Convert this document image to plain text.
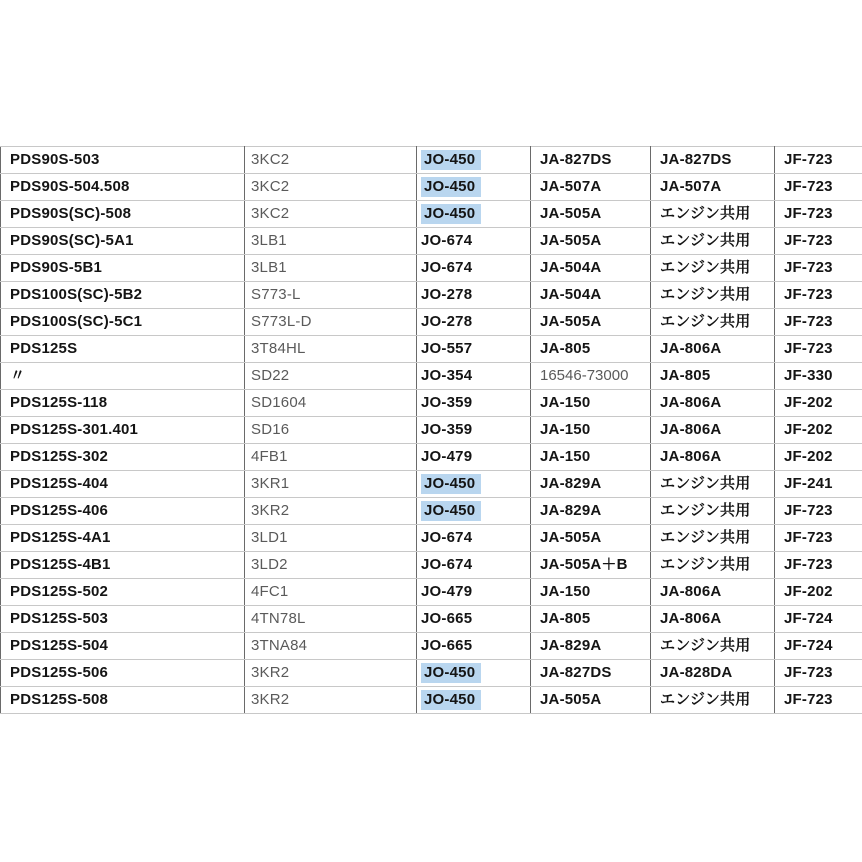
PDS90S-503	3KC2	JO-450	JA-827DS	JA-827DS	JF-723
PDS90S-504.508	3KC2	JO-450	JA-507A	JA-507A	JF-723
PDS90S(SC)-508	3KC2	JO-450	JA-505A	エンジン共用	JF-723
PDS90S(SC)-5A1	3LB1	JO-674	JA-505A	エンジン共用	JF-723
PDS90S-5B1	3LB1	JO-674	JA-504A	エンジン共用	JF-723
PDS100S(SC)-5B2	S773-L	JO-278	JA-504A	エンジン共用	JF-723
PDS100S(SC)-5C1	S773L-D	JO-278	JA-505A	エンジン共用	JF-723
PDS125S	3T84HL	JO-557	JA-805	JA-806A	JF-723
〃	SD22	JO-354	16546-73000	JA-805	JF-330
PDS125S-118	SD1604	JO-359	JA-150	JA-806A	JF-202
PDS125S-301.401	SD16	JO-359	JA-150	JA-806A	JF-202
PDS125S-302	4FB1	JO-479	JA-150	JA-806A	JF-202
PDS125S-404	3KR1	JO-450	JA-829A	エンジン共用	JF-241
PDS125S-406	3KR2	JO-450	JA-829A	エンジン共用	JF-723
PDS125S-4A1	3LD1	JO-674	JA-505A	エンジン共用	JF-723
PDS125S-4B1	3LD2	JO-674	JA-505A＋B	エンジン共用	JF-723
PDS125S-502	4FC1	JO-479	JA-150	JA-806A	JF-202
PDS125S-503	4TN78L	JO-665	JA-805	JA-806A	JF-724
PDS125S-504	3TNA84	JO-665	JA-829A	エンジン共用	JF-724
PDS125S-506	3KR2	JO-450	JA-827DS	JA-828DA	JF-723
PDS125S-508	3KR2	JO-450	JA-505A	エンジン共用	JF-723
